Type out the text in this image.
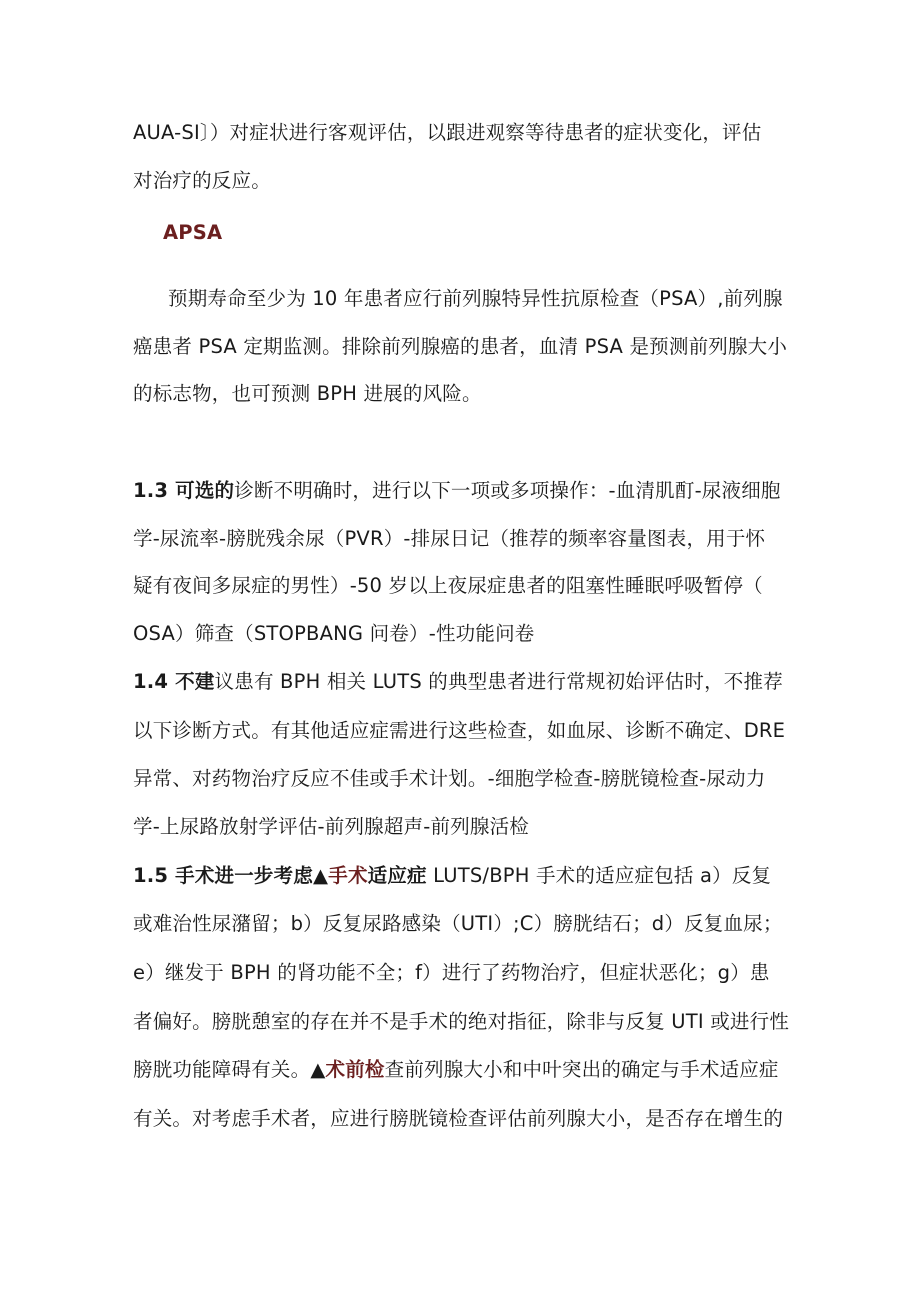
AUA-SI〕）对症状进行客观评估，以跟进观察等待患者的症状变化，评估
对治疗的反应。
APSA
预期寿命至少为 10 年患者应行前列腺特异性抗原检查（PSA）,前列腺
癌患者 PSA 定期监测。排除前列腺癌的患者，血清 PSA 是预测前列腺大小
的标志物，也可预测 BPH 进展的风险。
1.3 可选的诊断不明确时，进行以下一项或多项操作：-血清肌酊-尿液细胞
学-尿流率-膀胱残余尿（PVR）-排尿日记（推荐的频率容量图表，用于怀
疑有夜间多尿症的男性）-50 岁以上夜尿症患者的阻塞性睡眠呼吸暂停（
OSA）筛查（STOPBANG 问卷）-性功能问卷
1.4 不建议患有 BPH 相关 LUTS 的典型患者进行常规初始评估时，不推荐
以下诊断方式。有其他适应症需进行这些检查，如血尿、诊断不确定、DRE
异常、对药物治疗反应不佳或手术计划。-细胞学检查-膀胱镜检查-尿动力
学-上尿路放射学评估-前列腺超声-前列腺活检
1.5 手术进一步考虑▲手术适应症 LUTS/BPH 手术的适应症包括 a）反复
或难治性尿潴留；b）反复尿路感染（UTI）;C）膀胱结石；d）反复血尿；
e）继发于 BPH 的肾功能不全；f）进行了药物治疗，但症状恶化；g）患
者偏好。膀胱憩室的存在并不是手术的绝对指征，除非与反复 UTI 或进行性
膀胱功能障碍有关。▲术前检查前列腺大小和中叶突出的确定与手术适应症
有关。对考虑手术者，应进行膀胱镜检查评估前列腺大小，是否存在增生的
